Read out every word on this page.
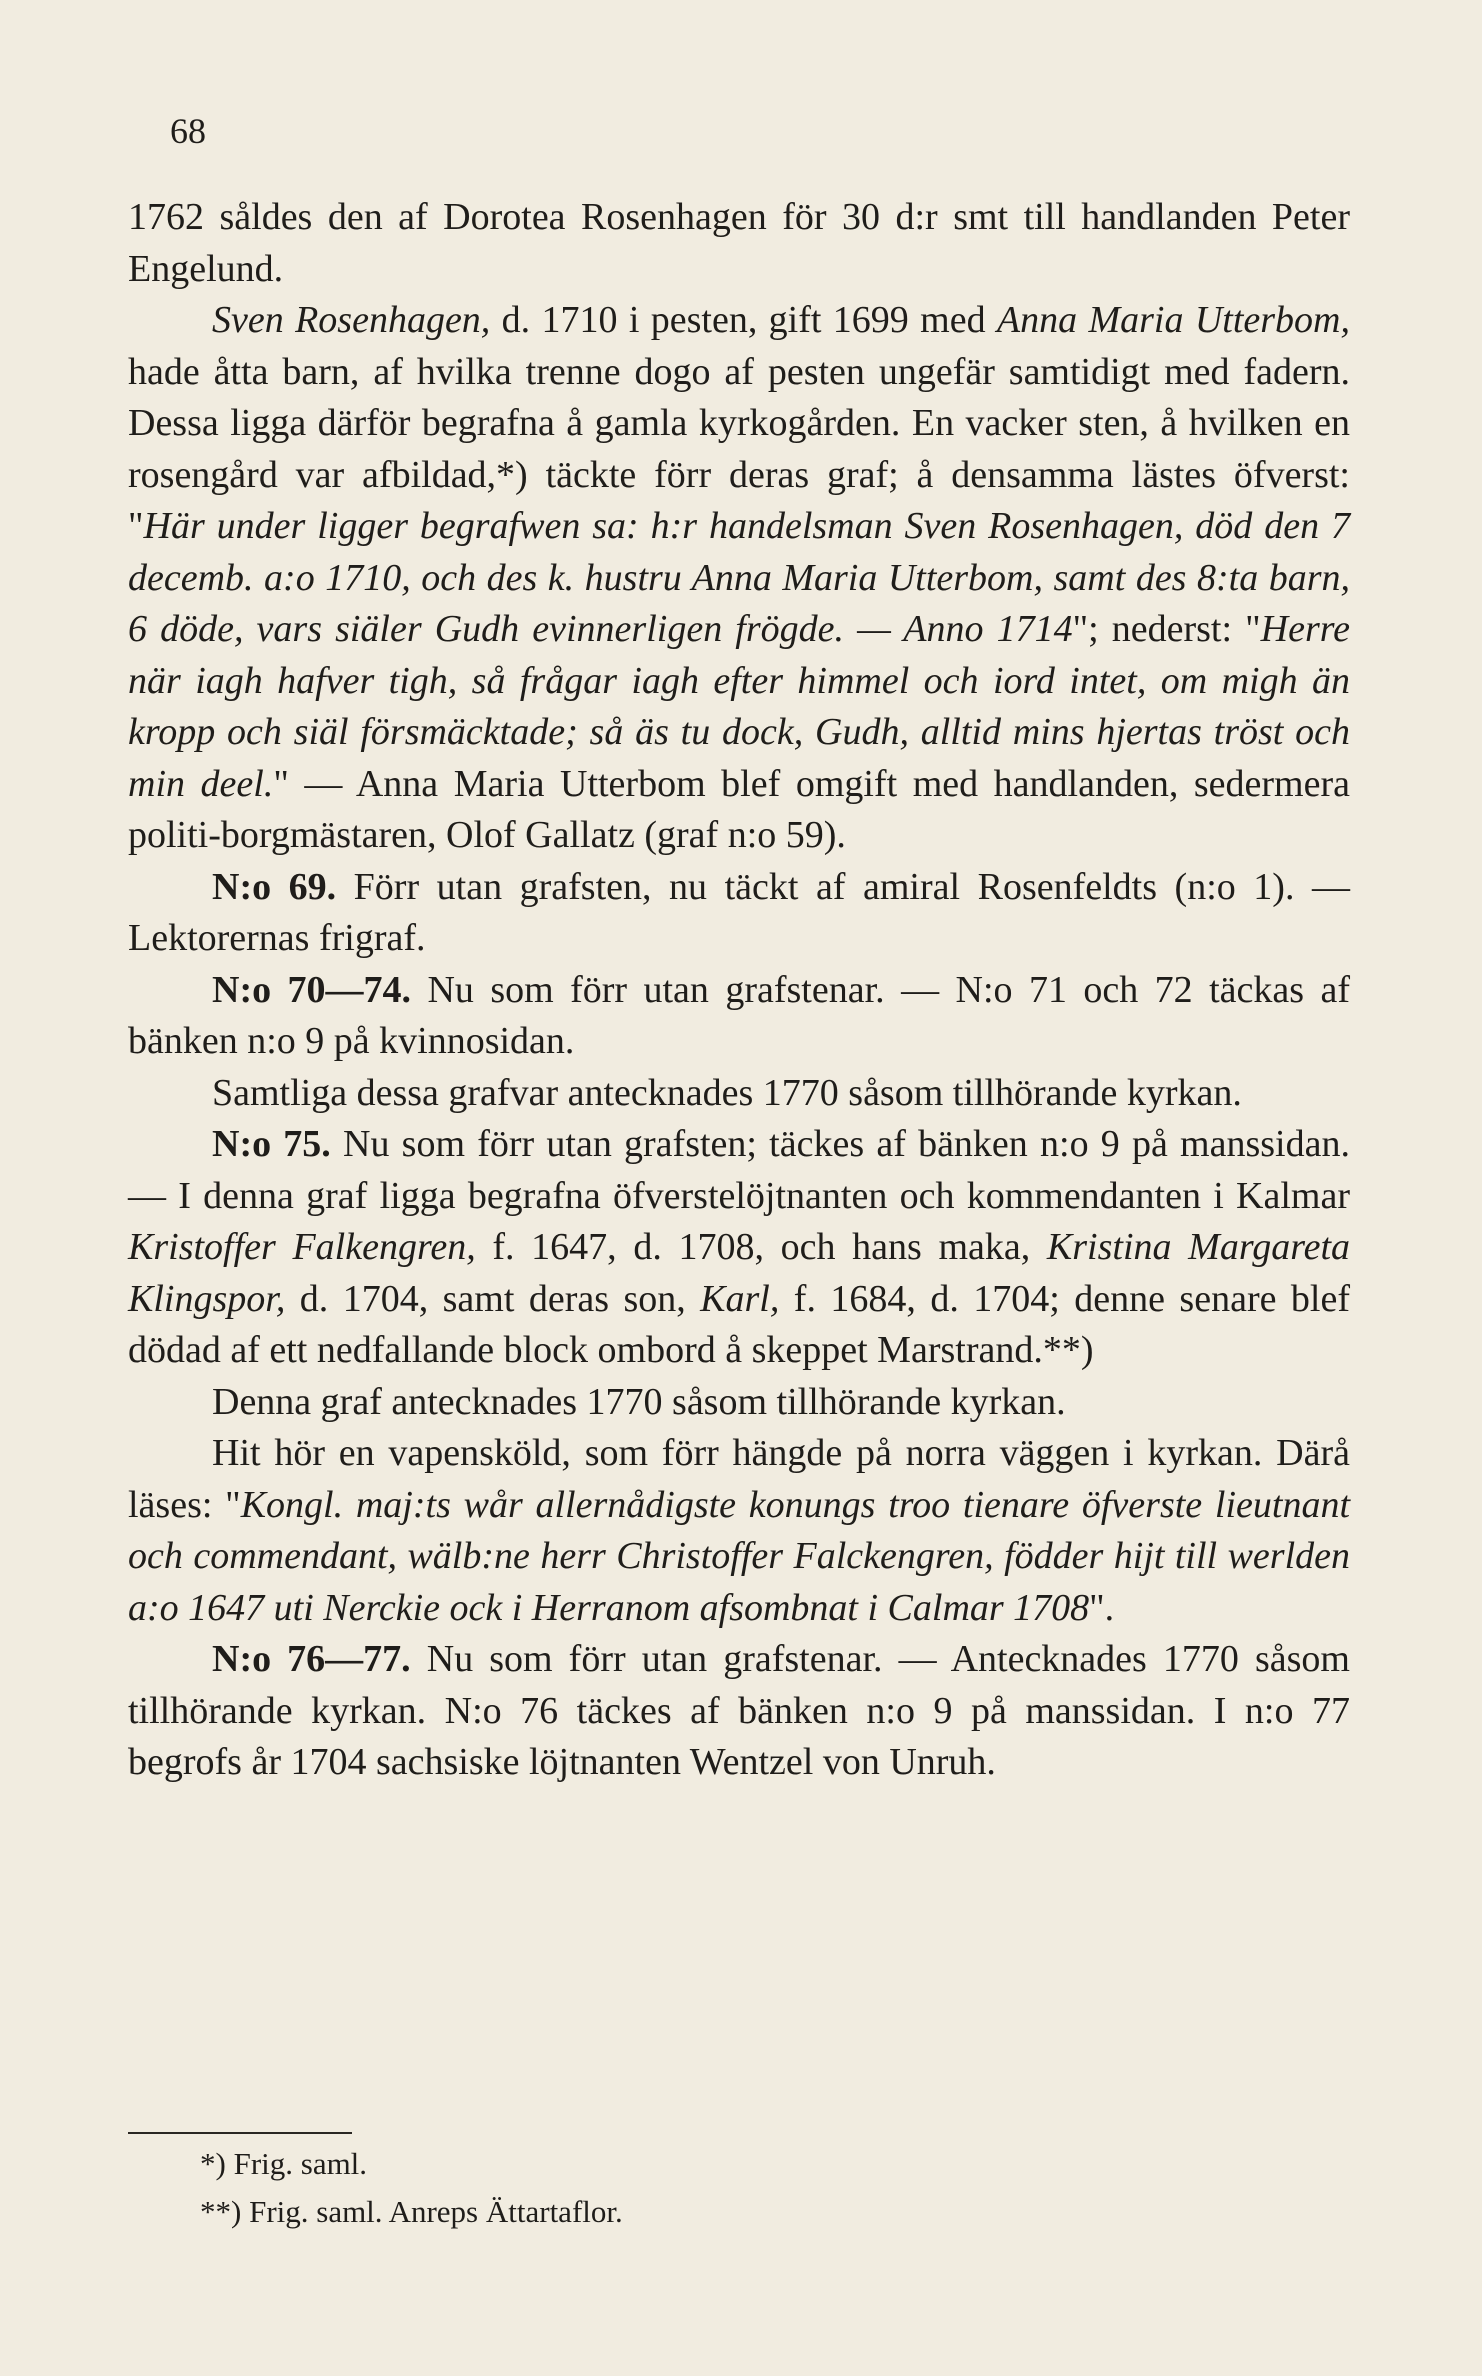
68

1762 såldes den af Dorotea Rosenhagen för 30 d:r smt till handlanden Peter Engelund.

Sven Rosenhagen, d. 1710 i pesten, gift 1699 med Anna Maria Utterbom, hade åtta barn, af hvilka trenne dogo af pesten ungefär samtidigt med fadern. Dessa ligga därför begrafna å gamla kyrkogården. En vacker sten, å hvilken en rosengård var afbildad,*) täckte förr deras graf; å densamma lästes öfverst: "Här under ligger begrafwen sa: h:r handelsman Sven Rosenhagen, död den 7 decemb. a:o 1710, och des k. hustru Anna Maria Utterbom, samt des 8:ta barn, 6 döde, vars siäler Gudh evinnerligen frögde. — Anno 1714"; nederst: "Herre när iagh hafver tigh, så frågar iagh efter himmel och iord intet, om migh än kropp och siäl försmäcktade; så äs tu dock, Gudh, alltid mins hjertas tröst och min deel." — Anna Maria Utterbom blef omgift med handlanden, sedermera politi-borgmästaren, Olof Gallatz (graf n:o 59).

N:o 69. Förr utan grafsten, nu täckt af amiral Rosenfeldts (n:o 1). — Lektorernas frigraf.

N:o 70—74. Nu som förr utan grafstenar. — N:o 71 och 72 täckas af bänken n:o 9 på kvinnosidan.

Samtliga dessa grafvar antecknades 1770 såsom tillhörande kyrkan.

N:o 75. Nu som förr utan grafsten; täckes af bänken n:o 9 på manssidan. — I denna graf ligga begrafna öfverstelöjtnanten och kommendanten i Kalmar Kristoffer Falkengren, f. 1647, d. 1708, och hans maka, Kristina Margareta Klingspor, d. 1704, samt deras son, Karl, f. 1684, d. 1704; denne senare blef dödad af ett nedfallande block ombord å skeppet Marstrand.**)

Denna graf antecknades 1770 såsom tillhörande kyrkan.

Hit hör en vapensköld, som förr hängde på norra väggen i kyrkan. Därå läses: "Kongl. maj:ts wår allernådigste konungs troo tienare öfverste lieutnant och commendant, wälb:ne herr Christoffer Falckengren, födder hijt till werlden a:o 1647 uti Nerckie ock i Herranom afsombnat i Calmar 1708".

N:o 76—77. Nu som förr utan grafstenar. — Antecknades 1770 såsom tillhörande kyrkan. N:o 76 täckes af bänken n:o 9 på manssidan. I n:o 77 begrofs år 1704 sachsiske löjtnanten Wentzel von Unruh.

*) Frig. saml.
**) Frig. saml. Anreps Ättartaflor.
